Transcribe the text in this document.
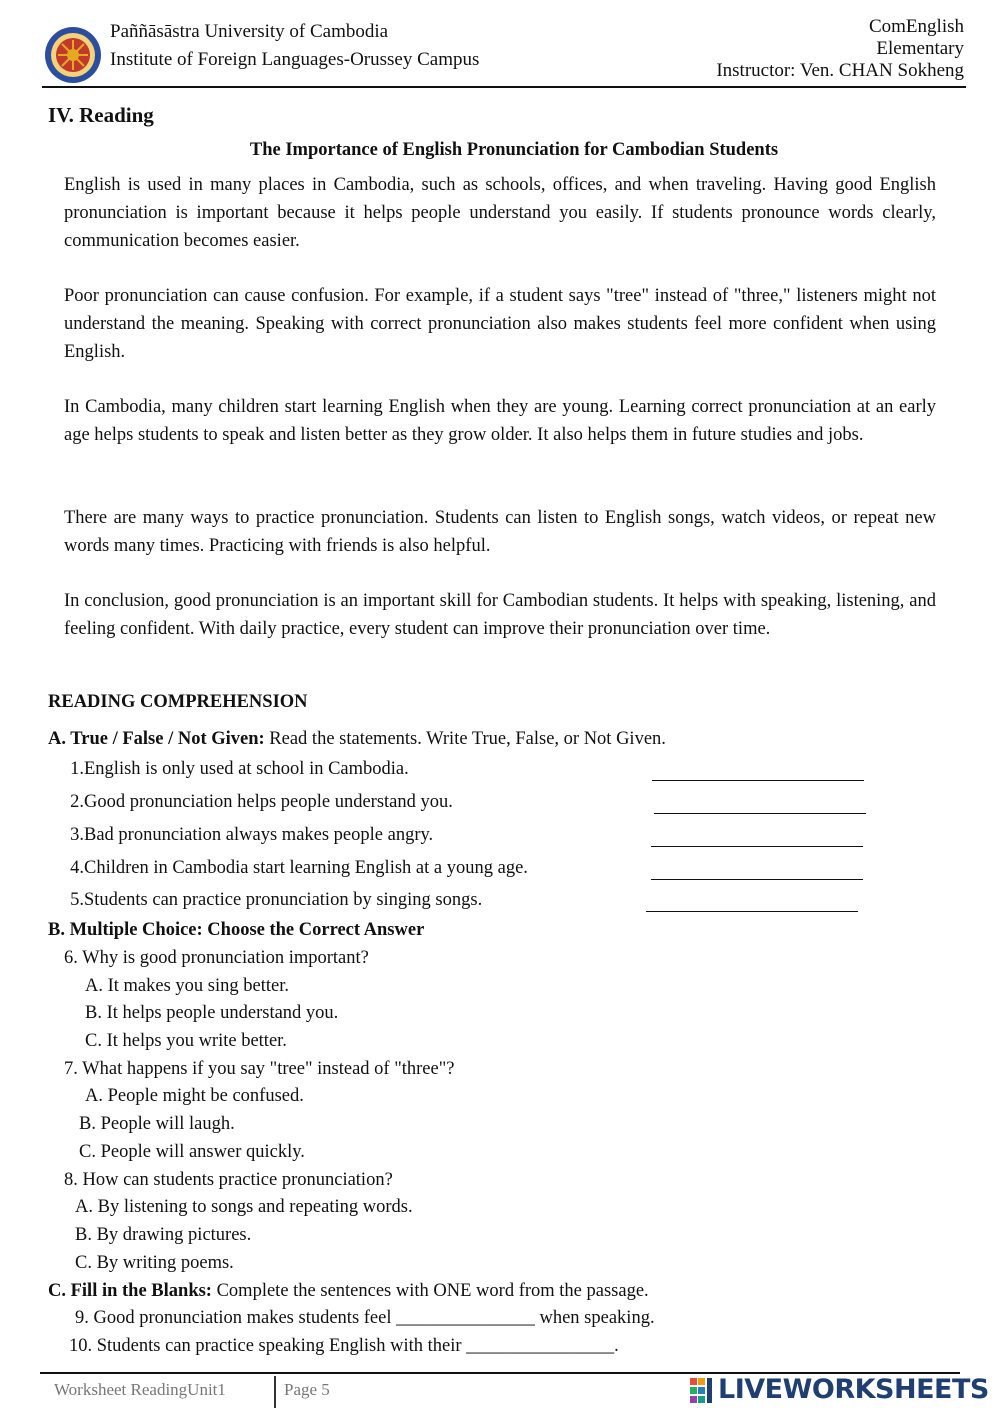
Paññāsāstra University of Cambodia
Institute of Foreign Languages-Orussey Campus
ComEnglish
Elementary
Instructor: Ven. CHAN Sokheng
IV. Reading
The Importance of English Pronunciation for Cambodian Students

English is used in many places in Cambodia, such as schools, offices, and when traveling. Having good English pronunciation is important because it helps people understand you easily. If students pronounce words clearly, communication becomes easier.

Poor pronunciation can cause confusion. For example, if a student says "tree" instead of "three," listeners might not understand the meaning. Speaking with correct pronunciation also makes students feel more confident when using English.

In Cambodia, many children start learning English when they are young. Learning correct pronunciation at an early age helps students to speak and listen better as they grow older. It also helps them in future studies and jobs.

There are many ways to practice pronunciation. Students can listen to English songs, watch videos, or repeat new words many times. Practicing with friends is also helpful.

In conclusion, good pronunciation is an important skill for Cambodian students. It helps with speaking, listening, and feeling confident. With daily practice, every student can improve their pronunciation over time.

READING COMPREHENSION
A. True / False / Not Given: Read the statements. Write True, False, or Not Given.
1. English is only used at school in Cambodia.
2. Good pronunciation helps people understand you.
3. Bad pronunciation always makes people angry.
4. Children in Cambodia start learning English at a young age.
5. Students can practice pronunciation by singing songs.
B. Multiple Choice: Choose the Correct Answer
6. Why is good pronunciation important?
A. It makes you sing better.
B. It helps people understand you.
C. It helps you write better.
7. What happens if you say "tree" instead of "three"?
A. People might be confused.
B. People will laugh.
C. People will answer quickly.
8. How can students practice pronunciation?
A. By listening to songs and repeating words.
B. By drawing pictures.
C. By writing poems.
C. Fill in the Blanks: Complete the sentences with ONE word from the passage.
9. Good pronunciation makes students feel _______________ when speaking.
10. Students can practice speaking English with their ________________.
Worksheet ReadingUnit1	Page 5	LIVEWORKSHEETS
